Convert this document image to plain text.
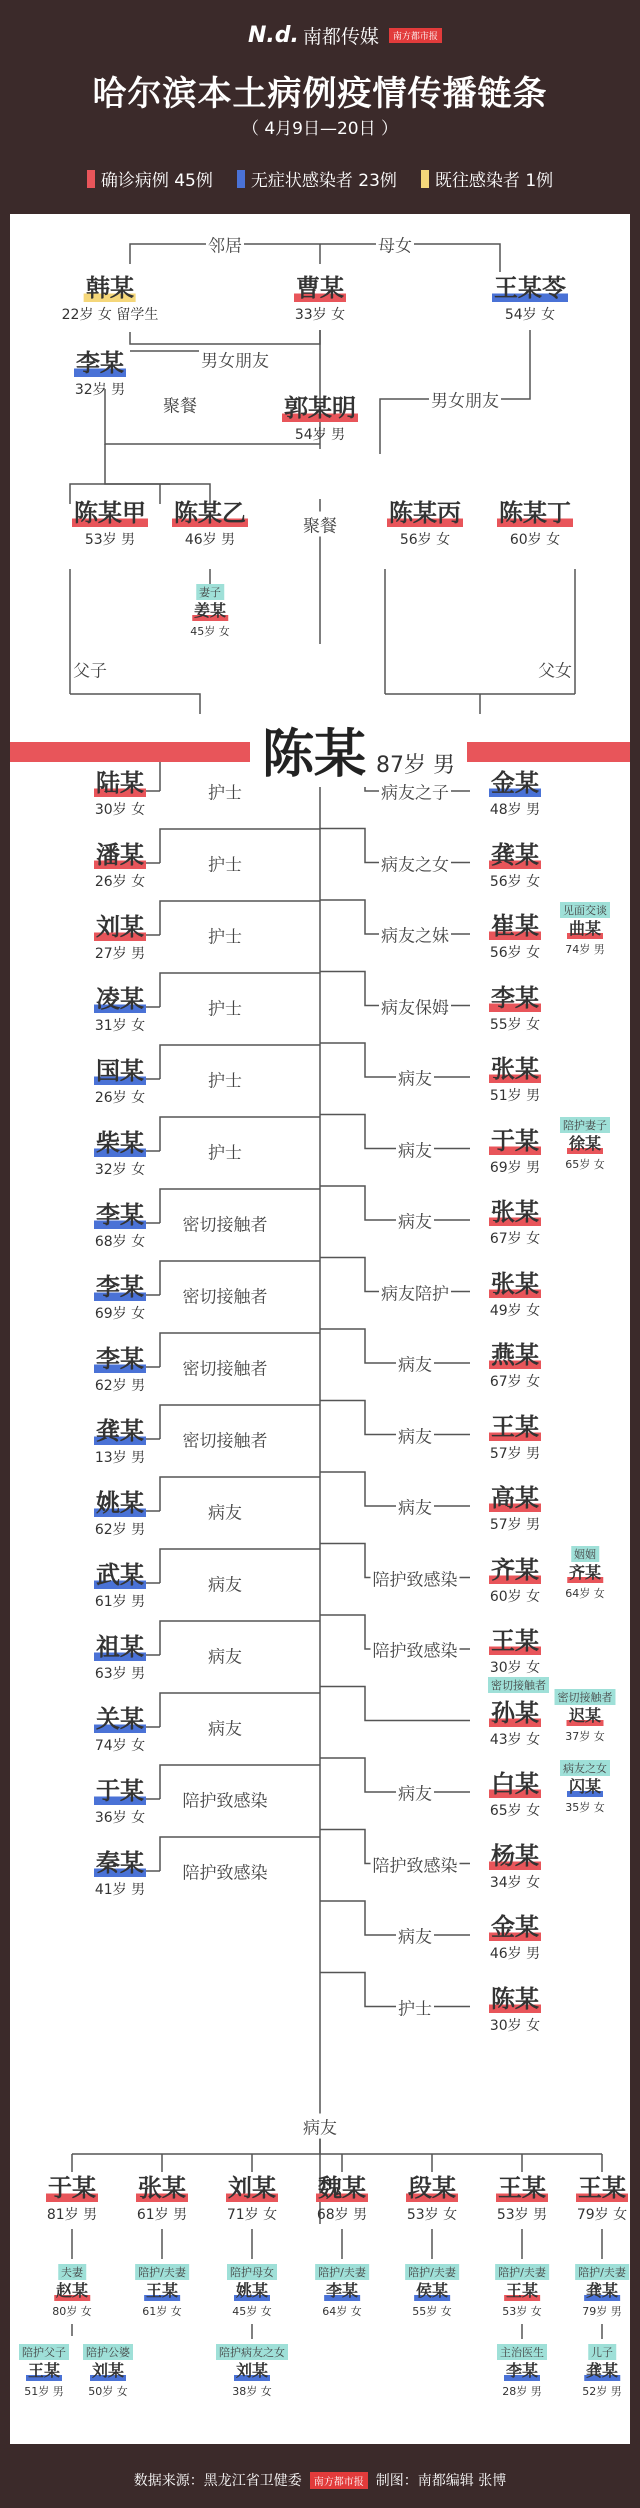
N.d. 南都传媒	南方都市报
哈尔滨本土病例疫情传播链条
（ 4月9日—20日 ）
确诊病例 45例 无症状感染者 23例 既往感染者 1例
陈某 87岁 男
韩某
22岁 女 留学生
曹某
33岁 女
王某苓
54岁 女
李某
32岁 男
郭某明
54岁 男
陈某甲
53岁 男
陈某乙
46岁 男
妻子
姜某
45岁 女
陈某丙
56岁 女
陈某丁
60岁 女
邻居	母女
男女朋友
聚餐	男女朋友
聚餐
父子	父女
陆某
30岁 女
护士
潘某
26岁 女
护士
刘某
27岁 男
护士
凌某
31岁 女
护士
国某
26岁 女
护士
柴某
32岁 女
护士
李某
68岁 女
密切接触者
李某
69岁 女
密切接触者
李某
62岁 男
密切接触者
龚某
13岁 男
密切接触者
姚某
62岁 男
病友
武某
61岁 男
病友
祖某
63岁 男
病友
关某
74岁 女
病友
于某
36岁 女
陪护致感染
秦某
41岁 男
陪护致感染
金某
48岁 男
病友之子
龚某
56岁 女
病友之女
崔某
56岁 女
病友之妹
见面交谈
曲某
74岁 男
李某
55岁 女
病友保姆
张某
51岁 男
病友
于某
69岁 男
病友
陪护妻子
徐某
65岁 女
张某
67岁 女
病友
张某
49岁 女
病友陪护
燕某
67岁 女
病友
王某
57岁 男
病友
高某
57岁 男
病友
齐某
60岁 女
陪护致感染
姻姻
齐某
64岁 女
王某
30岁 女
陪护致感染
孙某
43岁 女
密切接触者
迟某
37岁 女
密切接触者
白某
65岁 女
病友
病友之女
闪某
35岁 女
杨某
34岁 女
陪护致感染
金某
46岁 男
病友
陈某
30岁 女
护士
病友
于某
81岁 男
夫妻
赵某
80岁 女
陪护父子
王某
51岁 男
陪护公婆
刘某
50岁 女
张某
61岁 男
陪护/夫妻
王某
61岁 女
刘某
71岁 女
陪护母女
姚某
45岁 女
陪护病友之女
刘某
38岁 女
魏某
68岁 男
陪护/夫妻
李某
64岁 女
段某
53岁 女
陪护/夫妻
侯某
55岁 女
王某
53岁 男
陪护/夫妻
王某
53岁 女
主治医生
李某
28岁 男
王某
79岁 女
陪护/夫妻
龚某
79岁 男
儿子
龚某
52岁 男
数据来源：黑龙江省卫健委	南方都市报 制图：南都编辑 张博
